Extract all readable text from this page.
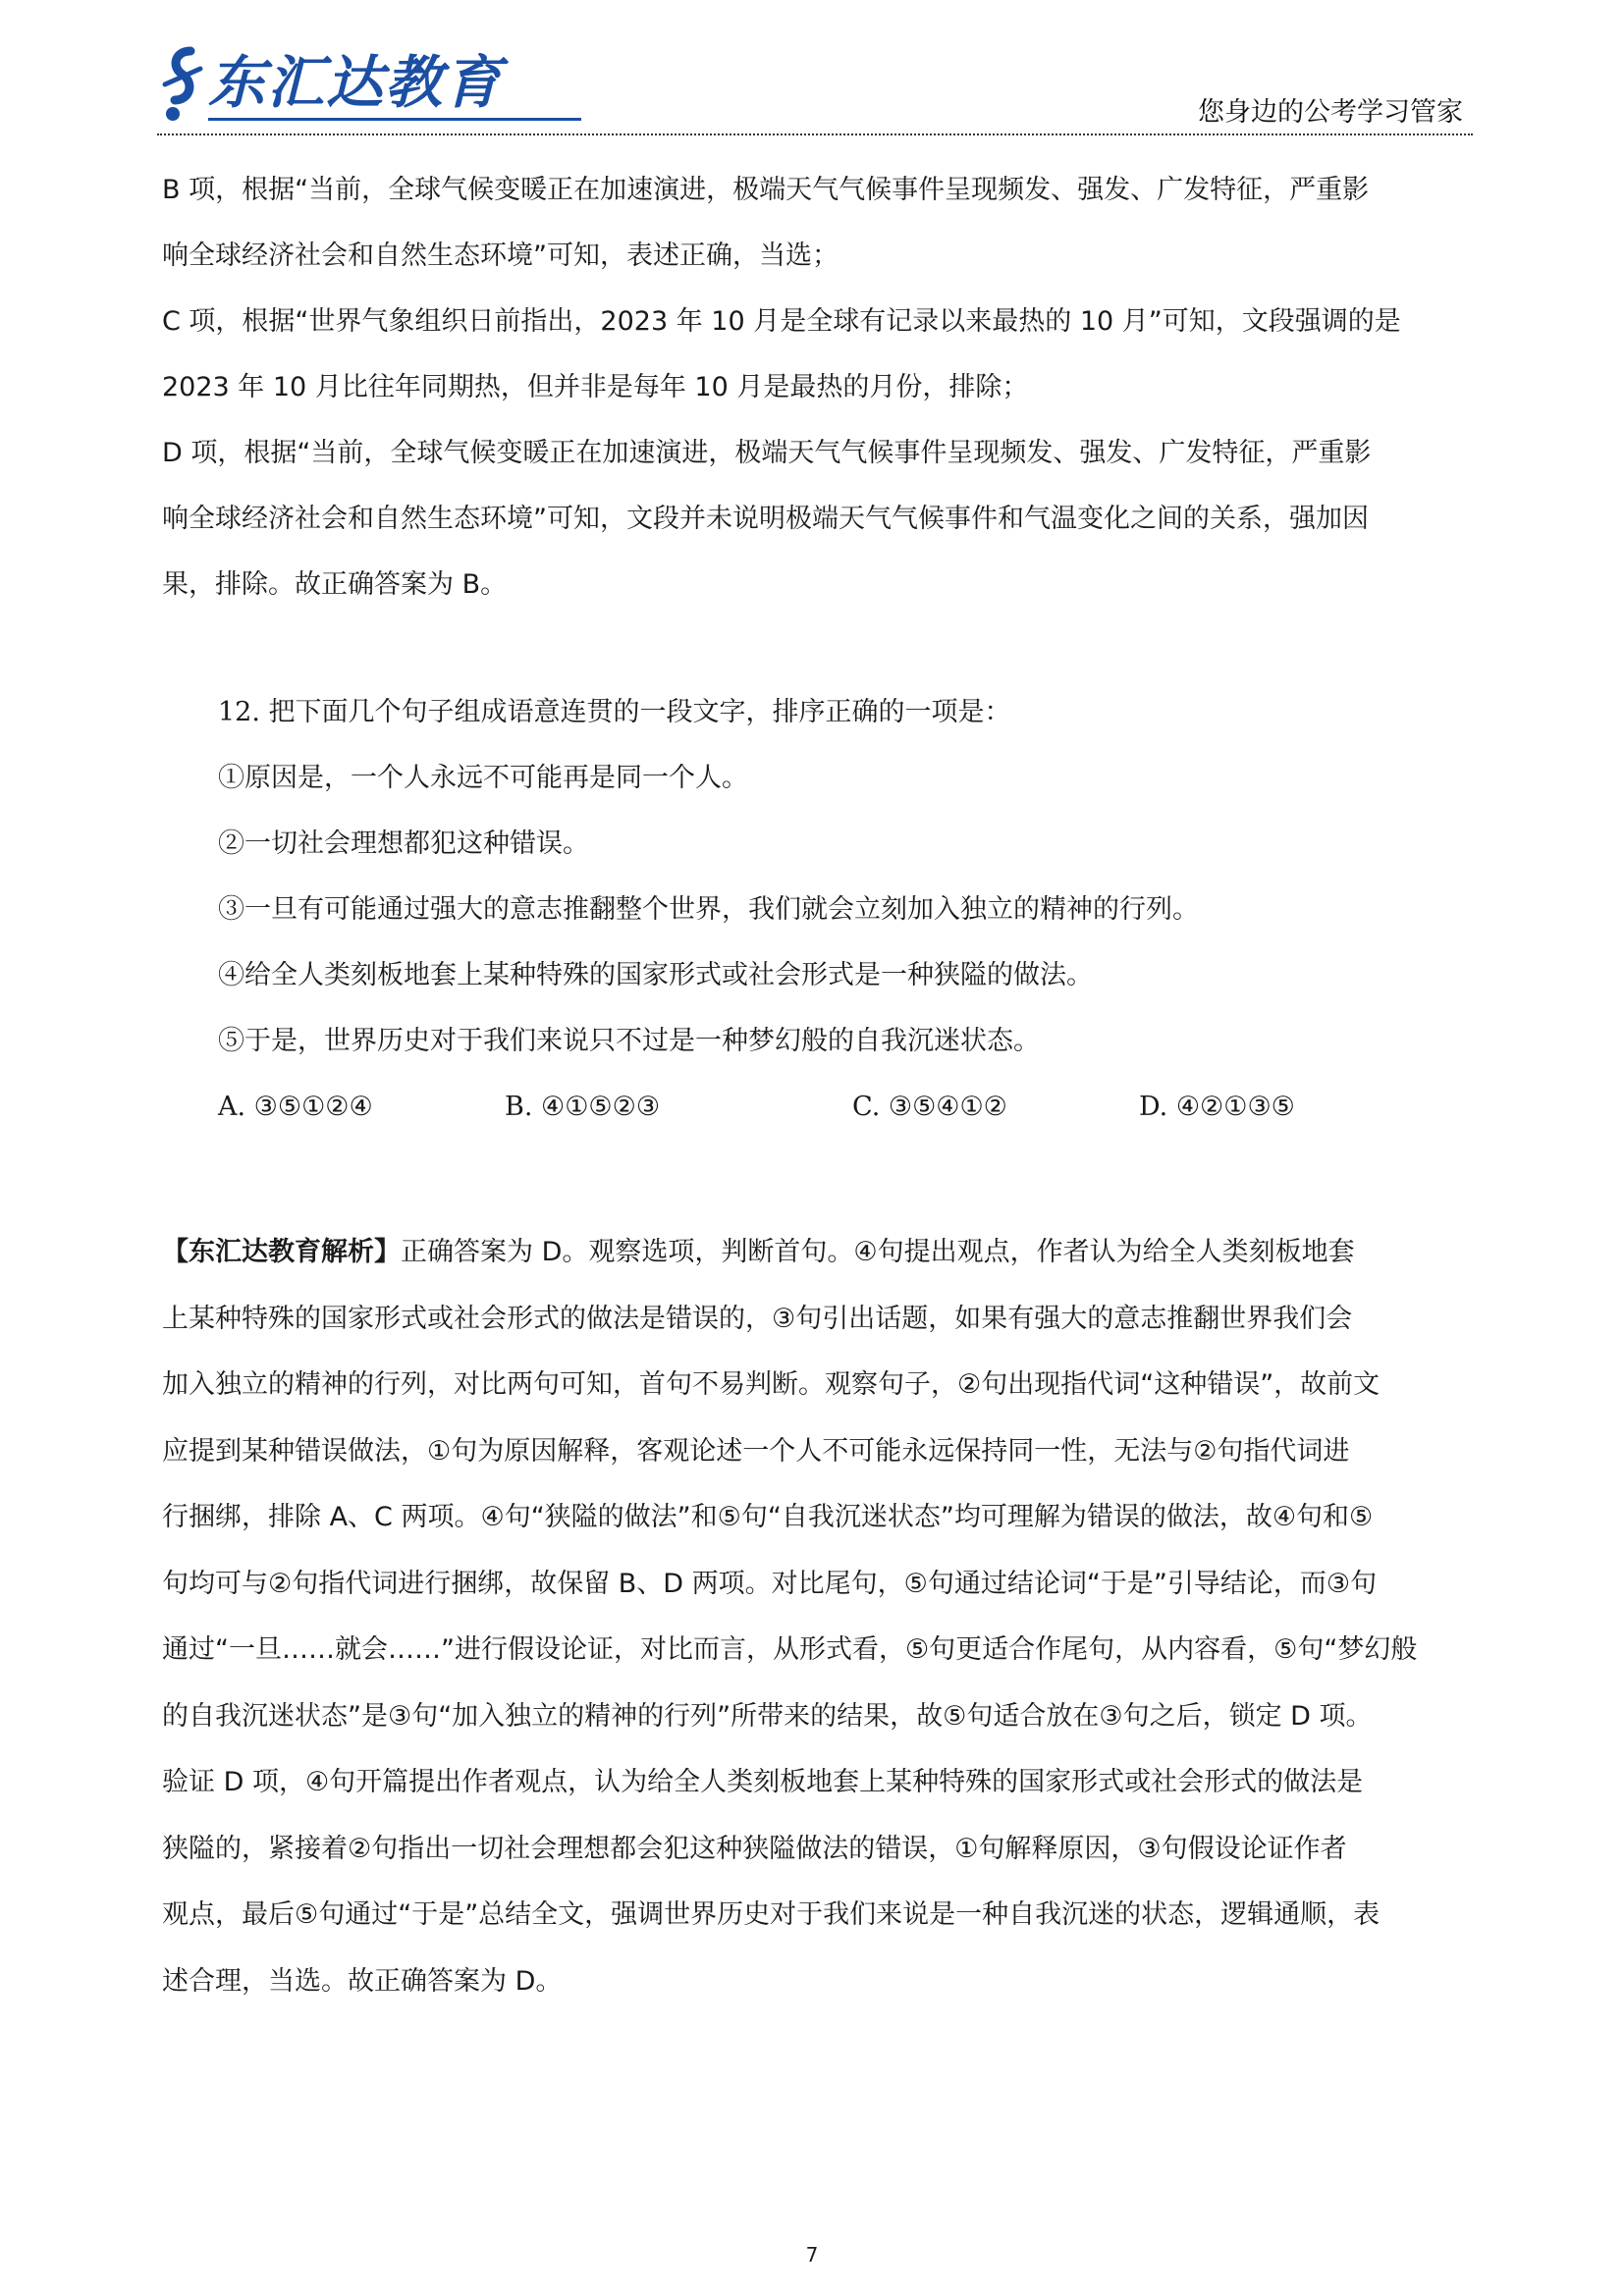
东汇达教育	您身边的公考学习管家

B 项，根据“当前，全球气候变暖正在加速演进，极端天气气候事件呈现频发、强发、广发特征，严重影

响全球经济社会和自然生态环境”可知，表述正确，当选；

C 项，根据“世界气象组织日前指出，2023 年 10 月是全球有记录以来最热的 10 月”可知，文段强调的是

2023 年 10 月比往年同期热，但并非是每年 10 月是最热的月份，排除；

D 项，根据“当前，全球气候变暖正在加速演进，极端天气气候事件呈现频发、强发、广发特征，严重影

响全球经济社会和自然生态环境”可知，文段并未说明极端天气气候事件和气温变化之间的关系，强加因

果，排除。故正确答案为 B。

12. 把下面几个句子组成语意连贯的一段文字，排序正确的一项是：

①原因是，一个人永远不可能再是同一个人。

②一切社会理想都犯这种错误。

③一旦有可能通过强大的意志推翻整个世界，我们就会立刻加入独立的精神的行列。

④给全人类刻板地套上某种特殊的国家形式或社会形式是一种狭隘的做法。

⑤于是，世界历史对于我们来说只不过是一种梦幻般的自我沉迷状态。

A. ③⑤①②④	B. ④①⑤②③	C. ③⑤④①②	D. ④②①③⑤

【东汇达教育解析】正确答案为 D。观察选项，判断首句。④句提出观点，作者认为给全人类刻板地套

上某种特殊的国家形式或社会形式的做法是错误的，③句引出话题，如果有强大的意志推翻世界我们会

加入独立的精神的行列，对比两句可知，首句不易判断。观察句子，②句出现指代词“这种错误”，故前文

应提到某种错误做法，①句为原因解释，客观论述一个人不可能永远保持同一性，无法与②句指代词进

行捆绑，排除 A、C 两项。④句“狭隘的做法”和⑤句“自我沉迷状态”均可理解为错误的做法，故④句和⑤

句均可与②句指代词进行捆绑，故保留 B、D 两项。对比尾句，⑤句通过结论词“于是”引导结论，而③句

通过“一旦……就会……”进行假设论证，对比而言，从形式看，⑤句更适合作尾句，从内容看，⑤句“梦幻般

的自我沉迷状态”是③句“加入独立的精神的行列”所带来的结果，故⑤句适合放在③句之后，锁定 D 项。

验证 D 项，④句开篇提出作者观点，认为给全人类刻板地套上某种特殊的国家形式或社会形式的做法是

狭隘的，紧接着②句指出一切社会理想都会犯这种狭隘做法的错误，①句解释原因，③句假设论证作者

观点，最后⑤句通过“于是”总结全文，强调世界历史对于我们来说是一种自我沉迷的状态，逻辑通顺，表

述合理，当选。故正确答案为 D。

7
